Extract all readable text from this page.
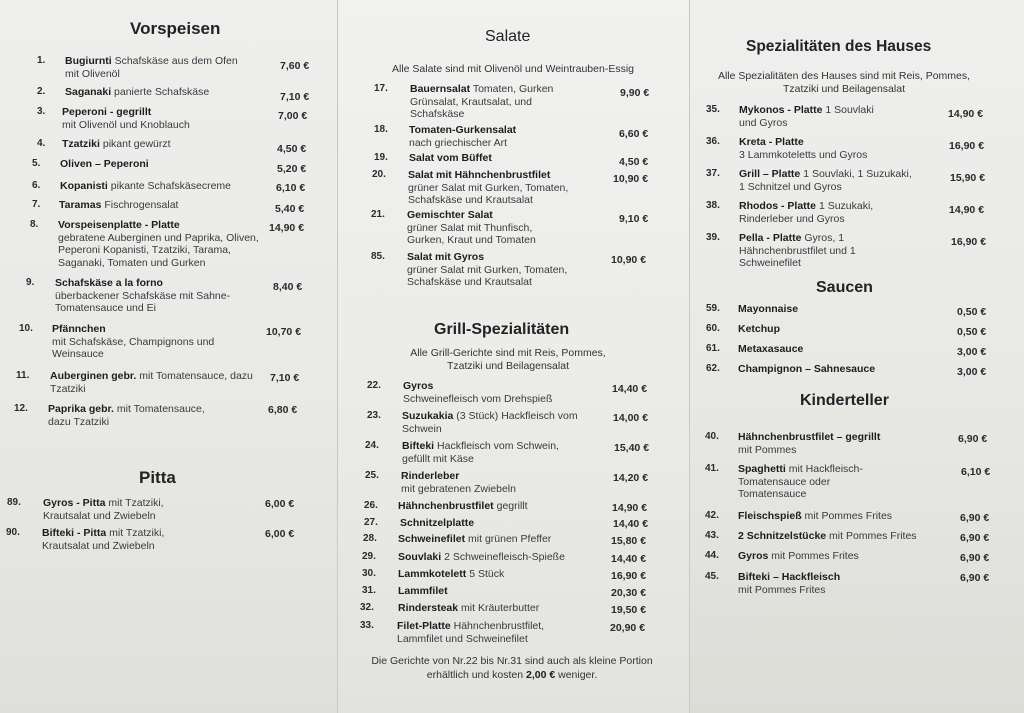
Vorspeisen
1. Bugiurnti Schafskäse aus dem Ofen mit Olivenöl
7,60 €
2. Saganaki panierte Schafskäse	7,10 €
3. Peperoni - gegrillt
mit Olivenöl und Knoblauch
7,00 €
4. Tzatziki pikant gewürzt	4,50 €
5. Oliven – Peperoni	5,20 €
6. Kopanisti pikante Schafskäsecreme	6,10 €
7. Taramas Fischrogensalat	5,40 €
8. Vorspeisenplatte - Platte
gebratene Auberginen und Paprika, Oliven, Peperoni Kopanisti, Tzatziki, Tarama, Saganaki, Tomaten und Gurken
14,90 €
9. Schafskäse a la forno
überbackener Schafskäse mit Sahne-Tomatensauce und Ei
8,40 €
10. Pfännchen
mit Schafskäse, Champignons und Weinsauce
10,70 €
11. Auberginen gebr. mit Tomatensauce, dazu Tzatziki
7,10 €
12. Paprika gebr. mit Tomatensauce, dazu Tzatziki
6,80 €
Pitta
89. Gyros - Pitta mit Tzatziki, Krautsalat und Zwiebeln
6,00 €
90. Bifteki - Pitta mit Tzatziki, Krautsalat und Zwiebeln
6,00 €
Salate
Alle Salate sind mit Olivenöl und Weintrauben-Essig
17. Bauernsalat Tomaten, Gurken Grünsalat, Krautsalat, und Schafskäse
9,90 €
18. Tomaten-Gurkensalat
nach griechischer Art
6,60 €
19. Salat vom Büffet	4,50 €
20. Salat mit Hähnchenbrustfilet
grüner Salat mit Gurken, Tomaten, Schafskäse und Krautsalat
10,90 €
21. Gemischter Salat
grüner Salat mit Thunfisch, Gurken, Kraut und Tomaten
9,10 €
85. Salat mit Gyros
grüner Salat mit Gurken, Tomaten, Schafskäse und Krautsalat
10,90 €
Grill-Spezialitäten
Alle Grill-Gerichte sind mit Reis, Pommes, Tzatziki und Beilagensalat
22. Gyros
Schweinefleisch vom Drehspieß
14,40 €
23. Suzukakia (3 Stück) Hackfleisch vom Schwein
14,00 €
24. Bifteki Hackfleisch vom Schwein, gefüllt mit Käse
15,40 €
25. Rinderleber
mit gebratenen Zwiebeln
14,20 €
26. Hähnchenbrustfilet gegrillt	14,90 €
27. Schnitzelplatte	14,40 €
28. Schweinefilet mit grünen Pfeffer	15,80 €
29. Souvlaki 2 Schweinefleisch-Spieße	14,40 €
30. Lammkotelett 5 Stück	16,90 €
31. Lammfilet	20,30 €
32. Rindersteak mit Kräuterbutter	19,50 €
33. Filet-Platte Hähnchenbrustfilet, Lammfilet und Schweinefilet
20,90 €
Die Gerichte von Nr.22 bis Nr.31 sind auch als kleine Portion erhältlich und kosten 2,00 € weniger.
Spezialitäten des Hauses
Alle Spezialitäten des Hauses sind mit Reis, Pommes, Tzatziki und Beilagensalat
35. Mykonos - Platte 1 Souvlaki und Gyros
14,90 €
36. Kreta - Platte
3 Lammkoteletts und Gyros
16,90 €
37. Grill – Platte 1 Souvlaki, 1 Suzukaki, 1 Schnitzel und Gyros
15,90 €
38. Rhodos - Platte 1 Suzukaki, Rinderleber und Gyros
14,90 €
39. Pella - Platte Gyros, 1 Hähnchenbrustfilet und 1 Schweinefilet
16,90 €
Saucen
59. Mayonnaise	0,50 €
60. Ketchup	0,50 €
61. Metaxasauce	3,00 €
62. Champignon – Sahnesauce	3,00 €
Kinderteller
40. Hähnchenbrustfilet – gegrillt
mit Pommes
6,90 €
41. Spaghetti mit Hackfleisch-Tomatensauce oder Tomatensauce
6,10 €
42. Fleischspieß mit Pommes Frites	6,90 €
43. 2 Schnitzelstücke mit Pommes Frites	6,90 €
44. Gyros mit Pommes Frites	6,90 €
45. Bifteki – Hackfleisch
mit Pommes Frites
6,90 €
